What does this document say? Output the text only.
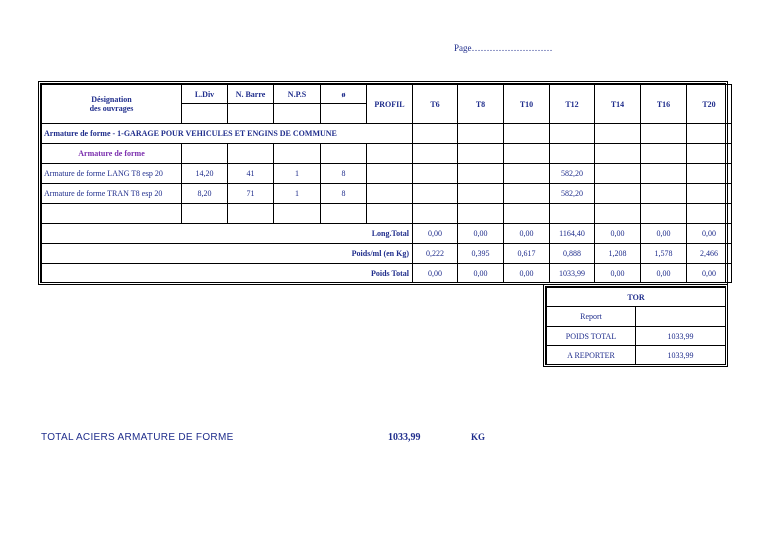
Page………………………
Désignation
des ouvrages	L.Div	N. Barre	N.P.S	ø	PROFIL	T6	T8	T10	T12	T14	T16	T20

Armature de forme - 1-GARAGE POUR VEHICULES ET ENGINS DE COMMUNE												
Armature de forme												
Armature de forme LANG T8 esp 20	14,20	41	1	8					582,20			
Armature de forme TRAN T8 esp 20	8,20	71	1	8					582,20			

Long.Total						0,00	0,00	0,00	1164,40	0,00	0,00	0,00
Poids/ml (en Kg)						0,222	0,395	0,617	0,888	1,208	1,578	2,466
Poids Total						0,00	0,00	0,00	1033,99	0,00	0,00	0,00
TOR	
Report	
POIDS TOTAL	1033,99
A REPORTER	1033,99
TOTAL ACIERS ARMATURE DE FORME	1033,99	KG
